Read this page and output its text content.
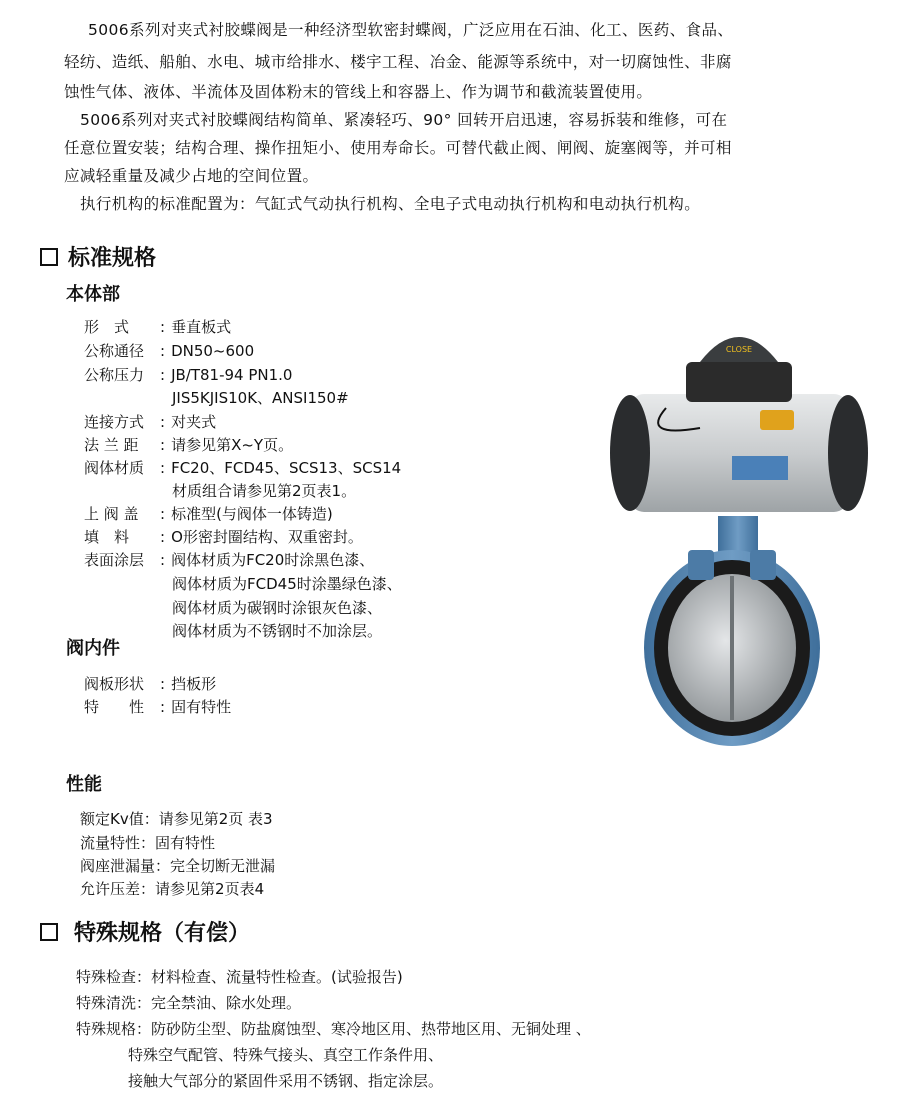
5006系列对夹式衬胶蝶阀是一种经济型软密封蝶阀，广泛应用在石油、化工、医药、食品、
轻纺、造纸、船舶、水电、城市给排水、楼宇工程、冶金、能源等系统中，对一切腐蚀性、非腐
蚀性气体、液体、半流体及固体粉末的管线上和容器上、作为调节和截流装置使用。
5006系列对夹式衬胶蝶阀结构简单、紧凑轻巧、90° 回转开启迅速，容易拆装和维修，可在
任意位置安装；结构合理、操作扭矩小、使用寿命长。可替代截止阀、闸阀、旋塞阀等，并可相
应减轻重量及减少占地的空间位置。
执行机构的标准配置为：气缸式气动执行机构、全电子式电动执行机构和电动执行机构。
标准规格
本体部
形　式 : 垂直板式
公称通径 : DN50~600
公称压力 : JB/T81-94 PN1.0
JIS5KJIS10K、ANSI150#
连接方式 : 对夹式
法 兰 距 : 请参见第X~Y页。
阀体材质 : FC20、FCD45、SCS13、SCS14
材质组合请参见第2页表1。
上 阀 盖 : 标准型(与阀体一体铸造)
填　料 : O形密封圈结构、双重密封。
表面涂层 : 阀体材质为FC20时涂黑色漆、
阀体材质为FCD45时涂墨绿色漆、
阀体材质为碳钢时涂银灰色漆、
阀体材质为不锈钢时不加涂层。
阀内件
阀板形状 : 挡板形
特　　性 : 固有特性
性能
额定Kv值：请参见第2页 表3
流量特性：固有特性
阀座泄漏量：完全切断无泄漏
允许压差：请参见第2页表4
特殊规格（有偿）
特殊检查：材料检查、流量特性检查。(试验报告)
特殊清洗：完全禁油、除水处理。
特殊规格：防砂防尘型、防盐腐蚀型、寒冷地区用、热带地区用、无铜处理 、
特殊空气配管、特殊气接头、真空工作条件用、
接触大气部分的紧固件采用不锈钢、指定涂层。
CLOSE
